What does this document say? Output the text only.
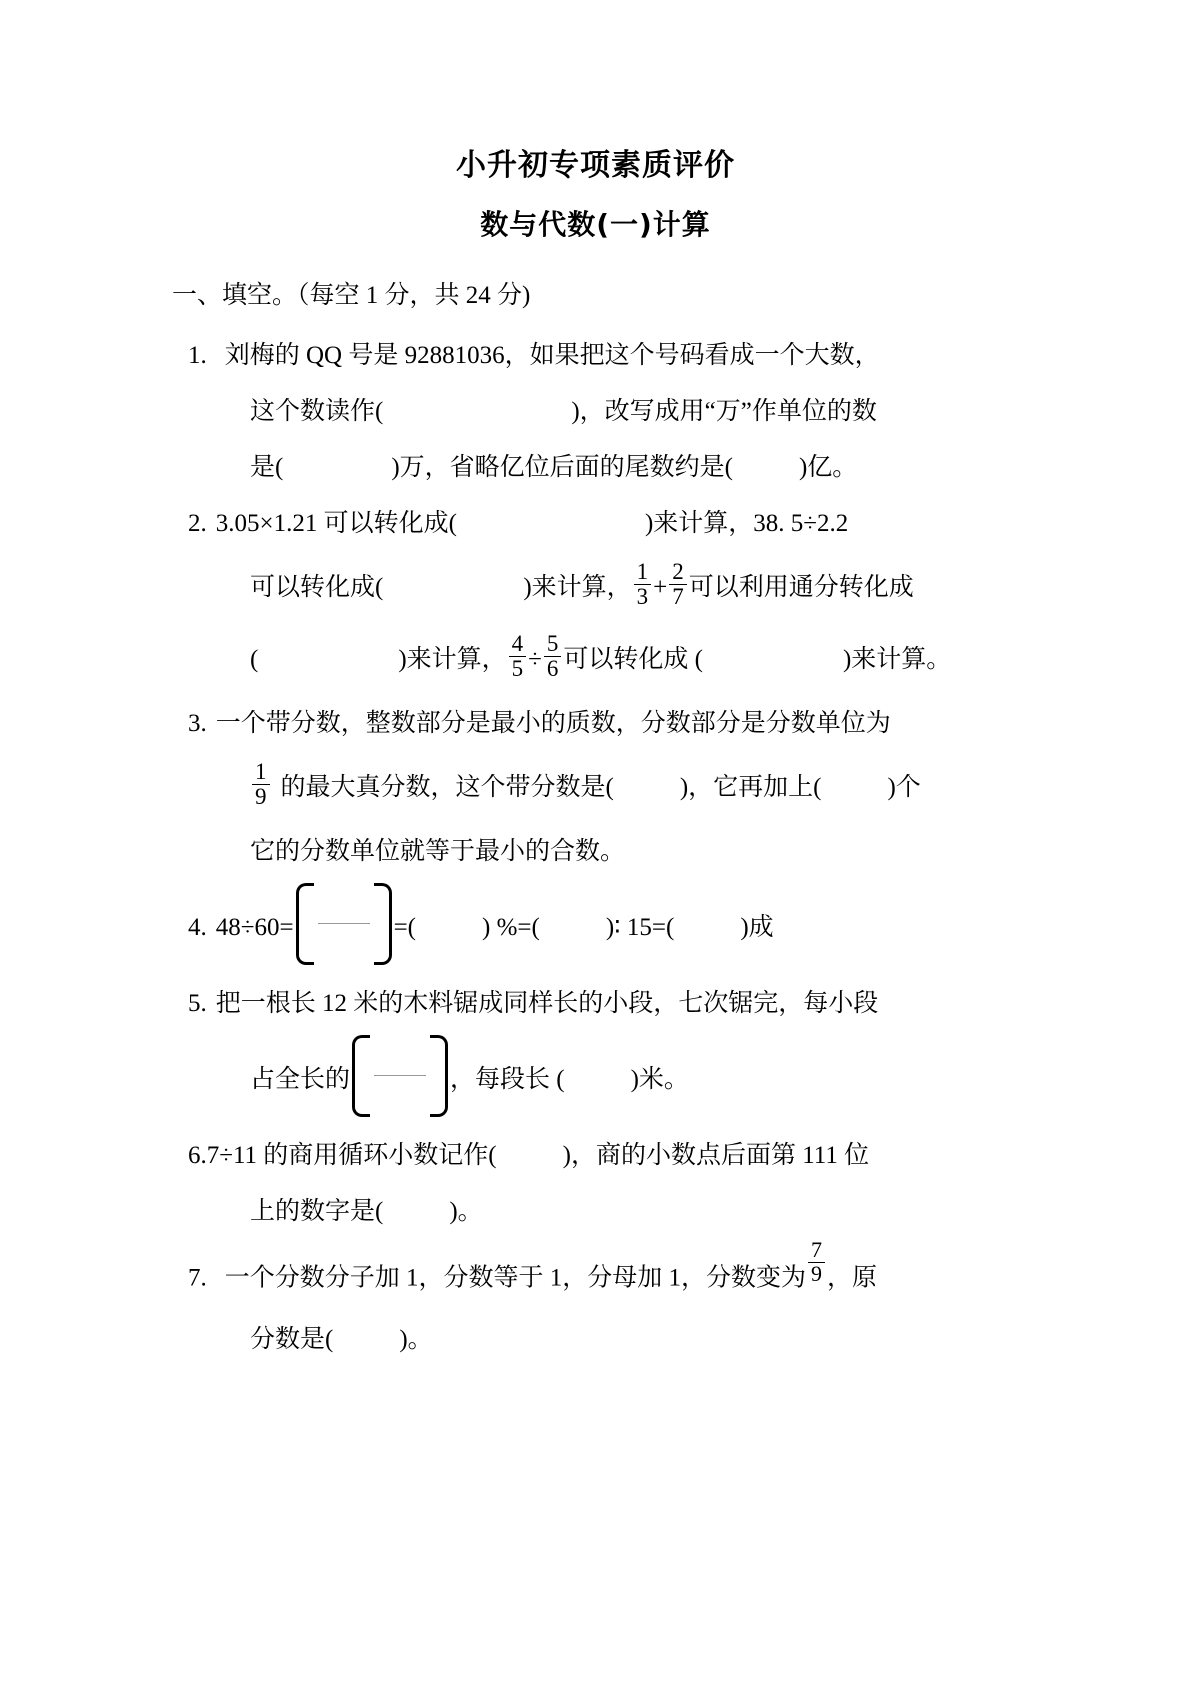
小升初专项素质评价
数与代数(一)计算
一、填空。（每空 1 分，共 24 分)
1. 刘梅的 QQ 号是 92881036，如果把这个号码看成一个大数，
这个数读作(	)，改写成用“万”作单位的数
是(	)万，省略亿位后面的尾数约是(	)亿。
2. 3.05×1.21 可以转化成(	)来计算，38. 5÷2.2
可以转化成(	)来计算， $\frac{1}{3} + \frac{2}{7}$ 可以利用通分转化成
(	)来计算， $\frac{4}{5} \div \frac{5}{6}$ 可以转化成 (	)来计算。
3. 一个带分数，整数部分是最小的质数，分数部分是分数单位为
$\frac{1}{9}$ 的最大真分数，这个带分数是(	)，它再加上(	)个
它的分数单位就等于最小的合数。
4. 48÷60=	=(	) %=(	)∶ 15=(	)成
5. 把一根长 12 米的木料锯成同样长的小段，七次锯完，每小段
占全长的	，每段长 (	)米。
6.7÷11 的商用循环小数记作(	)，商的小数点后面第 111 位
上的数字是(	)。
7. 一个分数分子加 1，分数等于 1，分母加 1，分数变为 $\frac{7}{9}$ ，原
分数是(	)。
